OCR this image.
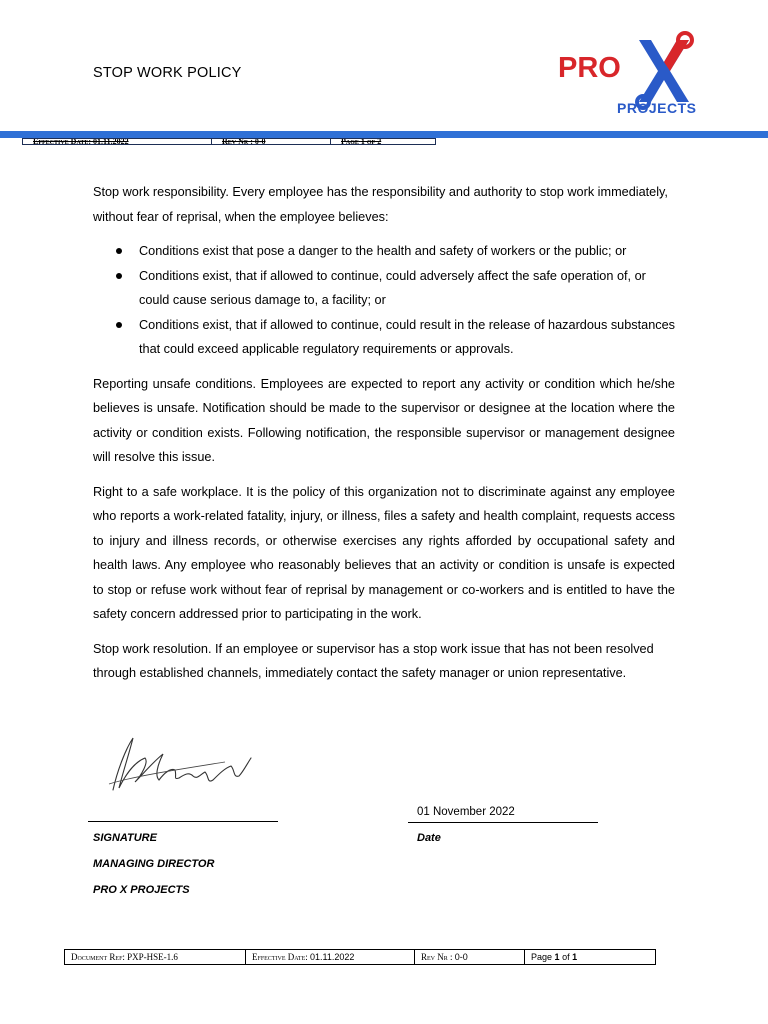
STOP WORK POLICY	PRO
PROJECTS
Effective Date: 01.11.2022	Rev Nr : 0-0	Page 1 of 2

Stop work responsibility. Every employee has the responsibility and authority to stop work immediately, without fear of reprisal, when the employee believes:

Conditions exist that pose a danger to the health and safety of workers or the public; or
Conditions exist, that if allowed to continue, could adversely affect the safe operation of, or could cause serious damage to, a facility; or
Conditions exist, that if allowed to continue, could result in the release of hazardous substances that could exceed applicable regulatory requirements or approvals.

Reporting unsafe conditions. Employees are expected to report any activity or condition which he/she believes is unsafe. Notification should be made to the supervisor or designee at the location where the activity or condition exists. Following notification, the responsible supervisor or management designee will resolve this issue.

Right to a safe workplace. It is the policy of this organization not to discriminate against any employee who reports a work-related fatality, injury, or illness, files a safety and health complaint, requests access to injury and illness records, or otherwise exercises any rights afforded by occupational safety and health laws. Any employee who reasonably believes that an activity or condition is unsafe is expected to stop or refuse work without fear of reprisal by management or co-workers and is entitled to have the safety concern addressed prior to participating in the work.

Stop work resolution. If an employee or supervisor has a stop work issue that has not been resolved through established channels, immediately contact the safety manager or union representative.

01 November 2022
SIGNATURE	Date
MANAGING DIRECTOR
PRO X PROJECTS
Document Ref: PXP-HSE-1.6	Effective Date: 01.11.2022	Rev Nr : 0-0	Page 1 of 1
